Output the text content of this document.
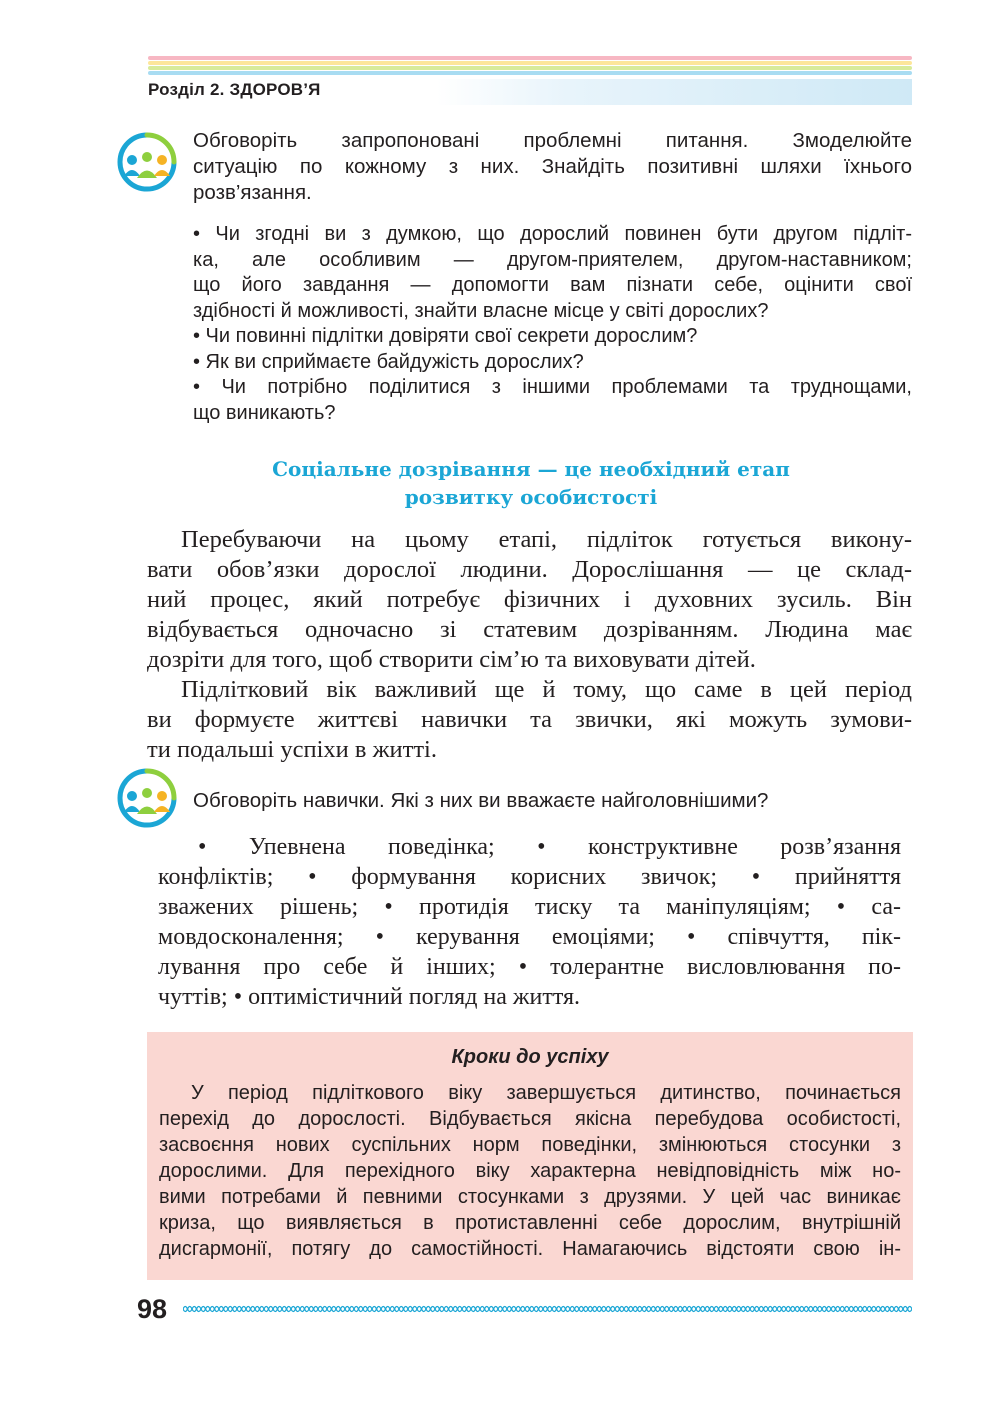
Розділ 2. ЗДОРОВ’Я
Обговоріть запропоновані проблемні питання. Змоделюйте
ситуацію по кожному з них. Знайдіть позитивні шляхи їхнього
розв’язання.
• Чи згодні ви з думкою, що дорослий повинен бути другом підліт-
ка, але особливим — другом-приятелем, другом-наставником;
що його завдання — допомогти вам пізнати себе, оцінити свої
здібності й можливості, знайти власне місце у світі дорослих?
• Чи повинні підлітки довіряти свої секрети дорослим?
• Як ви сприймаєте байдужість дорослих?
• Чи потрібно поділитися з іншими проблемами та труднощами,
що виникають?
Соціальне дозрівання — це необхідний етап
розвитку особистості
Перебуваючи на цьому етапі, підліток готується викону-
вати обов’язки дорослої людини. Дорослішання — це склад-
ний процес, який потребує фізичних і духовних зусиль. Він
відбувається одночасно зі статевим дозріванням. Людина має
дозріти для того, щоб створити сім’ю та виховувати дітей.
Підлітковий вік важливий ще й тому, що саме в цей період
ви формуєте життєві навички та звички, які можуть зумови-
ти подальші успіхи в житті.
Обговоріть навички. Які з них ви вважаєте найголовнішими?
• Упевнена поведінка; • конструктивне розв’язання
конфліктів; • формування корисних звичок; • прийняття
зважених рішень; • протидія тиску та маніпуляціям; • са-
мовдосконалення; • керування емоціями; • співчуття, пік-
лування про себе й інших; • толерантне висловлювання по-
чуттів; • оптимістичний погляд на життя.
Кроки до успіху
У період підліткового віку завершується дитинство, починається
перехід до дорослості. Відбувається якісна перебудова особистості,
засвоєння нових суспільних норм поведінки, змінюються стосунки з
дорослими. Для перехідного віку характерна невідповідність між но-
вими потребами й певними стосунками з друзями. У цей час виникає
криза, що виявляється в протиставленні себе дорослим, внутрішній
дисгармонії, потягу до самостійності. Намагаючись відстояти свою ін-
98
